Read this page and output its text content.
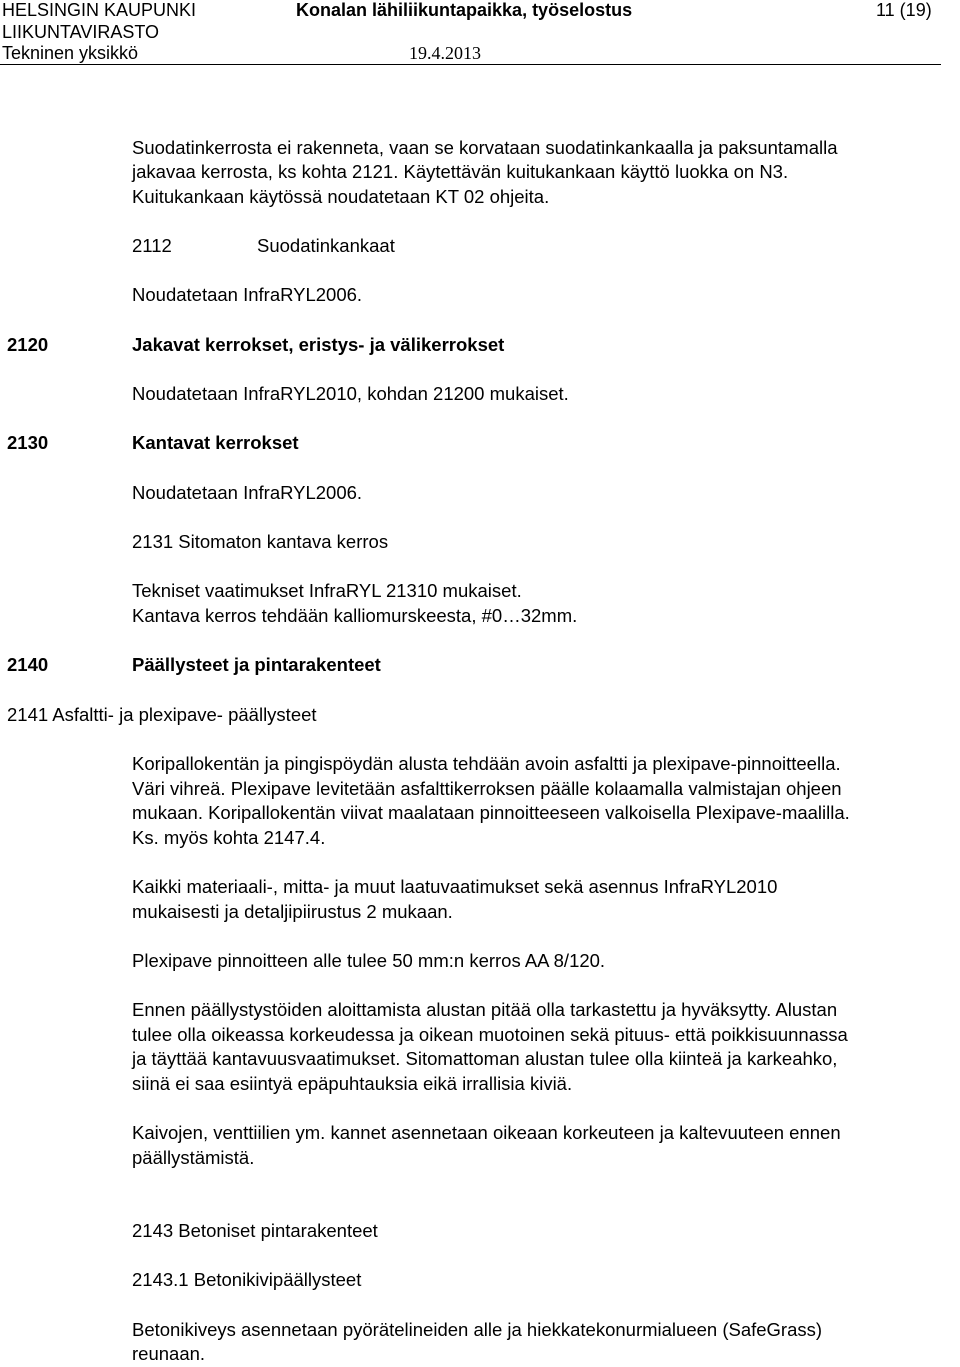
HELSINGIN KAUPUNKI
LIIKUNTAVIRASTO
Tekninen yksikkö
Konalan lähiliikuntapaikka, työselostus	11 (19)
19.4.2013
Suodatinkerrosta ei rakenneta, vaan se korvataan suodatinkankaalla ja paksuntamalla
jakavaa kerrosta, ks kohta 2121. Käytettävän kuitukankaan käyttö luokka on N3.
Kuitukankaan käytössä noudatetaan KT 02 ohjeita.
2112	Suodatinkankaat
Noudatetaan InfraRYL2006.
2120	Jakavat kerrokset, eristys- ja välikerrokset
Noudatetaan InfraRYL2010, kohdan 21200 mukaiset.
2130	Kantavat kerrokset
Noudatetaan InfraRYL2006.
2131 Sitomaton kantava kerros
Tekniset vaatimukset InfraRYL 21310 mukaiset.
Kantava kerros tehdään kalliomurskeesta, #0…32mm.
2140	Päällysteet ja pintarakenteet
2141 Asfaltti- ja plexipave- päällysteet
Koripallokentän ja pingispöydän alusta tehdään avoin asfaltti ja plexipave-pinnoitteella.
Väri vihreä. Plexipave levitetään asfalttikerroksen päälle kolaamalla valmistajan ohjeen
mukaan. Koripallokentän viivat maalataan pinnoitteeseen valkoisella Plexipave-maalilla.
Ks. myös kohta 2147.4.
Kaikki materiaali-, mitta- ja muut laatuvaatimukset sekä asennus InfraRYL2010
mukaisesti ja detaljipiirustus 2 mukaan.
Plexipave pinnoitteen alle tulee 50 mm:n kerros AA 8/120.
Ennen päällystystöiden aloittamista alustan pitää olla tarkastettu ja hyväksytty. Alustan
tulee olla oikeassa korkeudessa ja oikean muotoinen sekä pituus- että poikkisuunnassa
ja täyttää kantavuusvaatimukset. Sitomattoman alustan tulee olla kiinteä ja karkeahko,
siinä ei saa esiintyä epäpuhtauksia eikä irrallisia kiviä.
Kaivojen, venttiilien ym. kannet asennetaan oikeaan korkeuteen ja kaltevuuteen ennen
päällystämistä.
2143 Betoniset pintarakenteet
2143.1 Betonikivipäällysteet
Betonikiveys asennetaan pyörätelineiden alle ja hiekkatekonurmialueen (SafeGrass)
reunaan.
